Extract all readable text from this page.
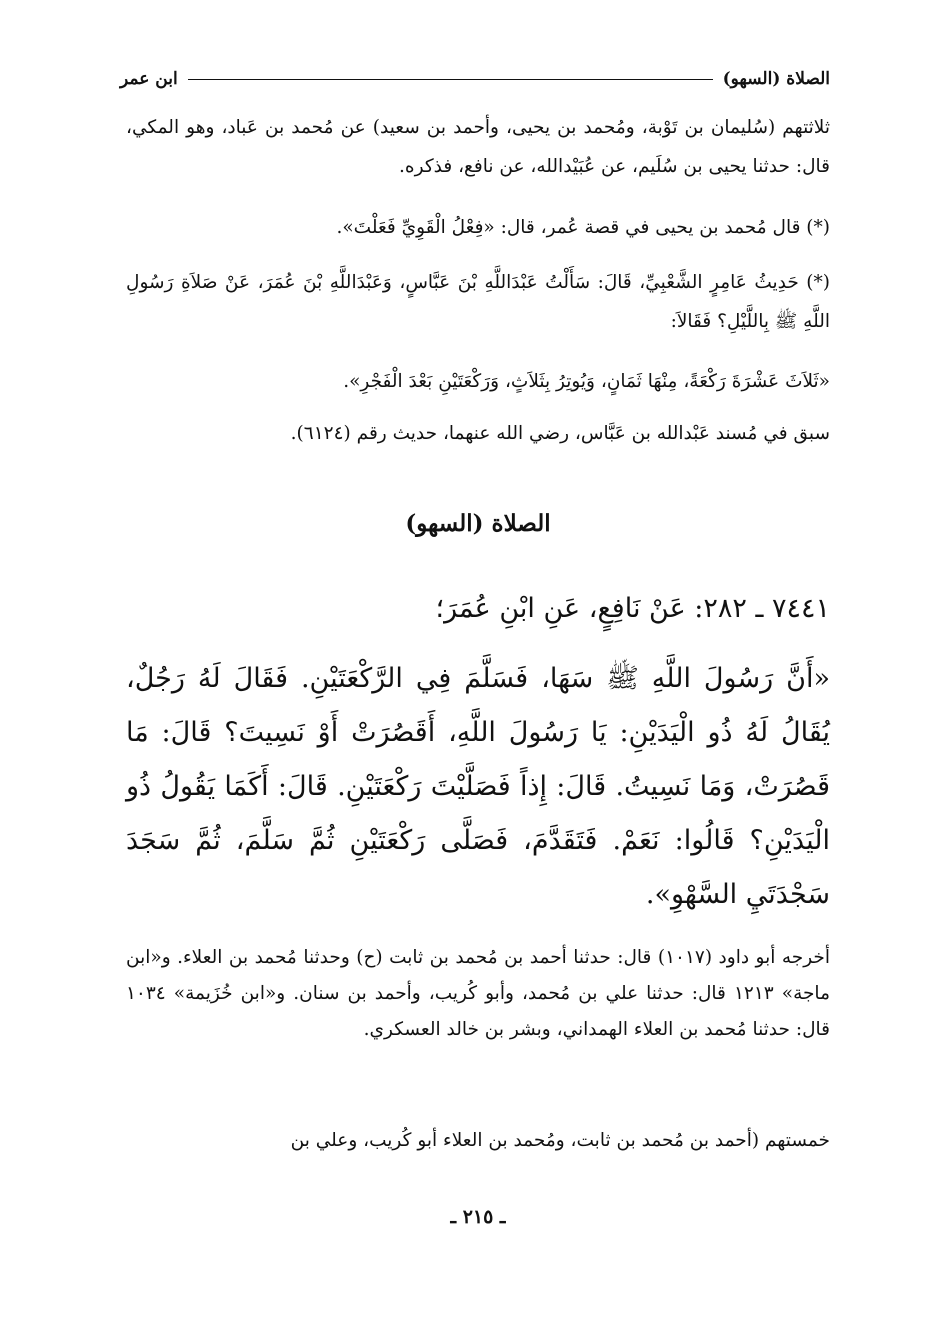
الصلاة (السهو)
ابن عمر

ثلاثتهم (سُليمان بن تَوْبة، ومُحمد بن يحيى، وأحمد بن سعيد) عن مُحمد بن عَباد، وهو المكي، قال: حدثنا يحيى بن سُلَيم، عن عُبَيْدالله، عن نافع، فذكره.

(*) قال مُحمد بن يحيى في قصة عُمر، قال: «فِعْلُ الْقَوِيِّ فَعَلْتَ».

(*) حَدِيثُ عَامِرٍ الشَّعْبِيِّ، قَالَ: سَأَلْتُ عَبْدَاللَّهِ بْنَ عَبَّاسٍ، وَعَبْدَاللَّهِ بْنَ عُمَرَ، عَنْ صَلاَةِ رَسُولِ اللَّهِ ﷺ بِاللَّيْلِ؟ فَقَالاَ:

«ثَلاَثَ عَشْرَةَ رَكْعَةً، مِنْهَا ثَمَانٍ، وَيُوتِرُ بِثَلاَثٍ، وَرَكْعَتَيْنِ بَعْدَ الْفَجْرِ».

سبق في مُسند عَبْدالله بن عَبَّاس، رضي الله عنهما، حديث رقم (٦١٢٤).

الصلاة (السهو)
٧٤٤١ ـ ٢٨٢: عَنْ نَافِعٍ، عَنِ ابْنِ عُمَرَ؛

«أَنَّ رَسُولَ اللَّهِ ﷺ سَهَا، فَسَلَّمَ فِي الرَّكْعَتَيْنِ. فَقَالَ لَهُ رَجُلٌ، يُقَالُ لَهُ ذُو الْيَدَيْنِ: يَا رَسُولَ اللَّهِ، أَقَصُرَتْ أَوْ نَسِيتَ؟ قَالَ: مَا قَصُرَتْ، وَمَا نَسِيتُ. قَالَ: إِذاً فَصَلَّيْتَ رَكْعَتَيْنِ. قَالَ: أَكَمَا يَقُولُ ذُو الْيَدَيْنِ؟ قَالُوا: نَعَمْ. فَتَقَدَّمَ، فَصَلَّى رَكْعَتَيْنِ ثُمَّ سَلَّمَ، ثُمَّ سَجَدَ سَجْدَتَيِ السَّهْوِ».

أخرجه أبو داود (١٠١٧) قال: حدثنا أحمد بن مُحمد بن ثابت (ح) وحدثنا مُحمد بن العلاء. و«ابن ماجة» ١٢١٣ قال: حدثنا علي بن مُحمد، وأبو كُريب، وأحمد بن سنان. و«ابن خُزَيمة» ١٠٣٤ قال: حدثنا مُحمد بن العلاء الهمداني، وبشر بن خالد العسكري.

خمستهم (أحمد بن مُحمد بن ثابت، ومُحمد بن العلاء أبو كُريب، وعلي بن

ـ ٢١٥ ـ
